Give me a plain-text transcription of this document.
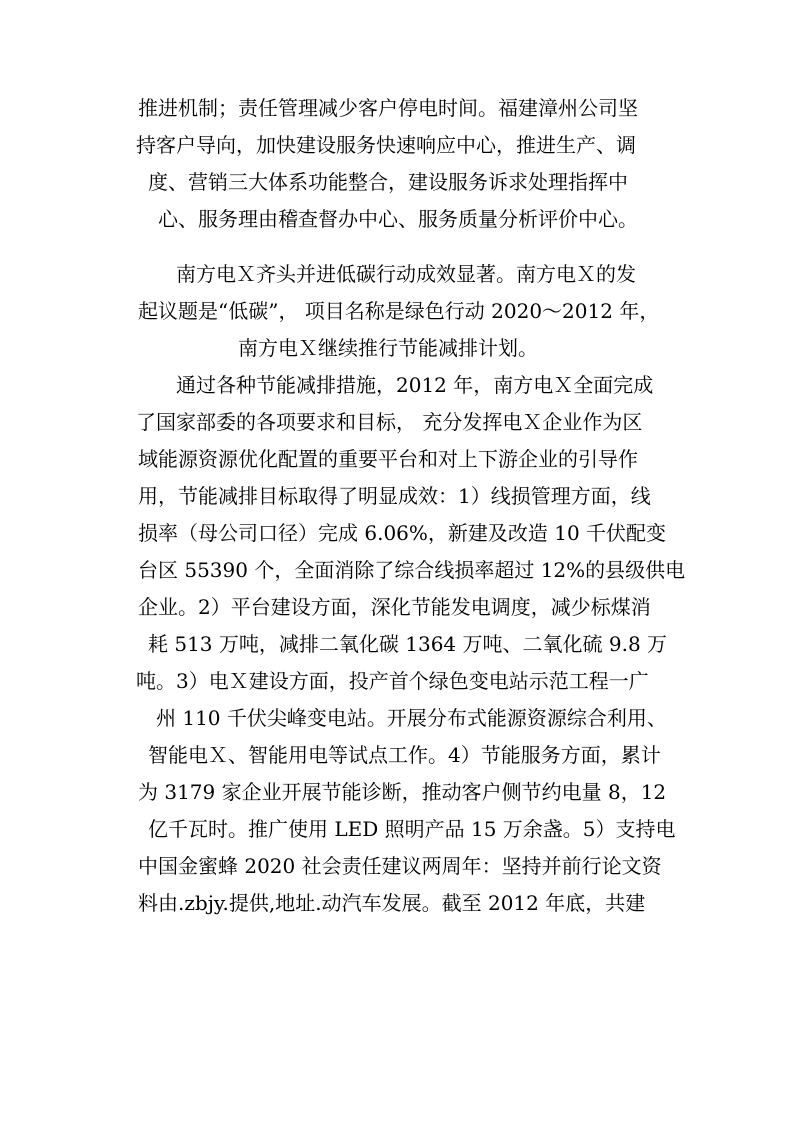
推进机制；责任管理减少客户停电时间。福建漳州公司坚
持客户导向，加快建设服务快速响应中心，推进生产、调
度、营销三大体系功能整合，建设服务诉求处理指挥中
心、服务理由稽查督办中心、服务质量分析评价中心。
南方电Ｘ齐头并进低碳行动成效显著。南方电Ｘ的发
起议题是“低碳”， 项目名称是绿色行动 2020～2012 年，
南方电Ｘ继续推行节能减排计划。
通过各种节能减排措施，2012 年，南方电Ｘ全面完成
了国家部委的各项要求和目标， 充分发挥电Ｘ企业作为区
域能源资源优化配置的重要平台和对上下游企业的引导作
用，节能减排目标取得了明显成效：1）线损管理方面，线
损率（母公司口径）完成 6.06%，新建及改造 10 千伏配变
台区 55390 个，全面消除了综合线损率超过 12%的县级供电
企业。2）平台建设方面，深化节能发电调度，减少标煤消
耗 513 万吨，减排二氧化碳 1364 万吨、二氧化硫 9.8 万
吨。3）电Ｘ建设方面，投产首个绿色变电站示范工程一广
州 110 千伏尖峰变电站。开展分布式能源资源综合利用、
智能电Ｘ、智能用电等试点工作。4）节能服务方面，累计
为 3179 家企业开展节能诊断，推动客户侧节约电量 8，12
亿千瓦时。推广使用 LED 照明产品 15 万余盏。5）支持电
中国金蜜蜂 2020 社会责任建议两周年：坚持并前行论文资
料由.zbjy.提供,地址.动汽车发展。截至 2012 年底，共建
